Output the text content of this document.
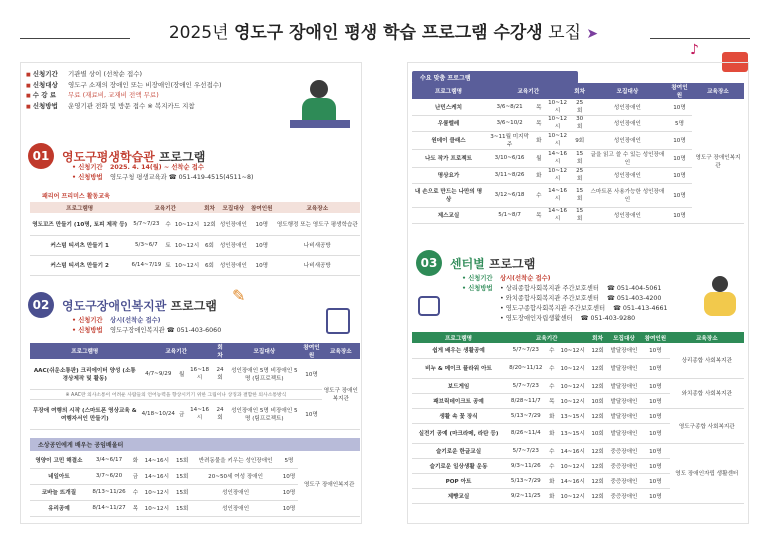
2025년 영도구 장애인 평생 학습 프로그램 수강생 모집 ➤
♪
■ 신청기간 기관별 상이 (선착순 접수)
■ 신청대상 영도구 소재의 장애인 또는 비장애인(장애인 우선접수)
■ 수 강 료 무료 (재료비, 교재비 전액 무료)
■ 신청방법 운영기관 전화 및 방문 접수 ※ 복지카드 지참
01	영도구평생학습관 프로그램
• 신청기간 2025. 4. 14(월) ~ 선착순 접수
• 신청방법 영도구청 평생교육과 ☎ 051-419-4515(4511~8)
패리어 프리미스 활동교육
프로그램명	교육기간			회차	모집대상	참여인원	교육장소
영도꼬즈 만들기 (10명, 토피 제작 등)	5/7~7/23	수	10~12시	12회	성인장애인	10명	영도행정 또는 영도구 평생학습관
커스텀 티셔츠 만들기 1	5/3~6/7	토	10~12시	6회	성인장애인	10명	나비새공방
커스텀 티셔츠 만들기 2	6/14~7/19	토	10~12시	6회	성인장애인	10명	나비새공방
02	영도구장애인복지관 프로그램
✎
• 신청기간 상시(선착순 접수)
• 신청방법 영도구장애인복지관 ☎ 051-403-6060
프로그램명	교육기간			회차	모집대상	참여인원	교육장소
AAC(쉬운소통판) 크리에이터 양성 (소통경상제작 및 활동)	4/7~9/29	월	16~18시	24회	성인장애인 5명 비장애인 5명 (팀프로젝트)	10명	영도구 장애인복지관
※ AAC란 의사소통이 어려운 사람들의 언어능력을 향상시키기 위한 그림이나 상징과 결합한 의사소통방식							
무장애 여행의 시작 (스마트폰 영상교육 & 여행자서인 만들기)	4/18~10/24	금	14~16시	24회	성인장애인 5명 비장애인 5명 (팀프로젝트)	10명	
소상공인에게 배우는 공임배울터
영양이 고민 해결소	3/4~6/17	화	14~16시	15회	반려동물을 키우는 성인장애인	5명	영도구 장애인복지관
네일아트	3/7~6/20	금	14~16시	15회	20~50세 여성 장애인	10명	
코바늘 뜨개질	8/13~11/26	수	10~12시	15회	성인장애인	10명	
유리공예	8/14~11/27	목	10~12시	15회	성인장애인	10명	
수요 맞춤 프로그램
프로그램명	교육기간			회차	모집대상	참여인원	교육장소
난민스케치	3/6~8/21	목	10~12시	25회	성인장애인	10명	영도구 장애인복지관
우쿨렐레	3/6~10/2	목	10~12시	30회	성인장애인	5명	
원데이 클래스	3~11월 미지막 주	화	10~12시	9회	성인장애인	10명	
나도 작가 프로젝트	3/10~6/16	월	14~16시	15회	글을 읽고 쓸 수 있는 성인장애인	10명	
명상요가	3/11~8/26	화	10~12시	25회	성인장애인	10명	
내 손으로 만드는 나만의 명상	3/12~6/18	수	14~16시	15회	스마트폰 사용가능한 성인장애인	10명	
제스교실	5/1~8/7	목	14~16시	15회	성인장애인	10명	
03	센터별 프로그램
• 신청기간 상시(선착순 접수)
• 신청방법 • 상리종합사회복지관 주간보호센터 ☎ 051-404-5061
• 와치종합사회복지관 주간보호센터 ☎ 051-403-4200
• 영도구종합사회복지관 주간보호센터 ☎ 051-413-4661
• 영도장애인자립생활센터 ☎ 051-403-9280
프로그램명	교육기간			회차	모집대상	참여인원	교육장소
쉽게 배우는 생활공예	5/7~7/23	수	10~12시	12회	발달장애인	10명	상리종합 사회복지관
비누 & 메이크 플라워 아트	8/20~11/12	수	10~12시	12회	발달장애인	10명	
보드게임	5/7~7/23	수	10~12시	12회	발달장애인	10명	와치종합 사회복지관
패브릭데이크트 공예	8/28~11/7	목	10~12시	10회	발달장애인	10명	
생활 속 꽃 장식	5/13~7/29	화	13~15시	12회	발달장애인	10명	영도구종합 사회복지관
실전기 공예 (마크라메, 라탄 등)	8/26~11/4	화	13~15시	10회	발달장애인	10명	
슬기로운 한글교실	5/7~7/23	수	14~16시	12회	중증장애인	10명	영도 장애인자립 생활센터
슬기로운 일상생활 운동	9/3~11/26	수	10~12시	12회	중증장애인	10명	
POP 아트	5/13~7/29	화	14~16시	12회	중증장애인	10명	
제빵교실	9/2~11/25	화	10~12시	12회	중증장애인	10명	
